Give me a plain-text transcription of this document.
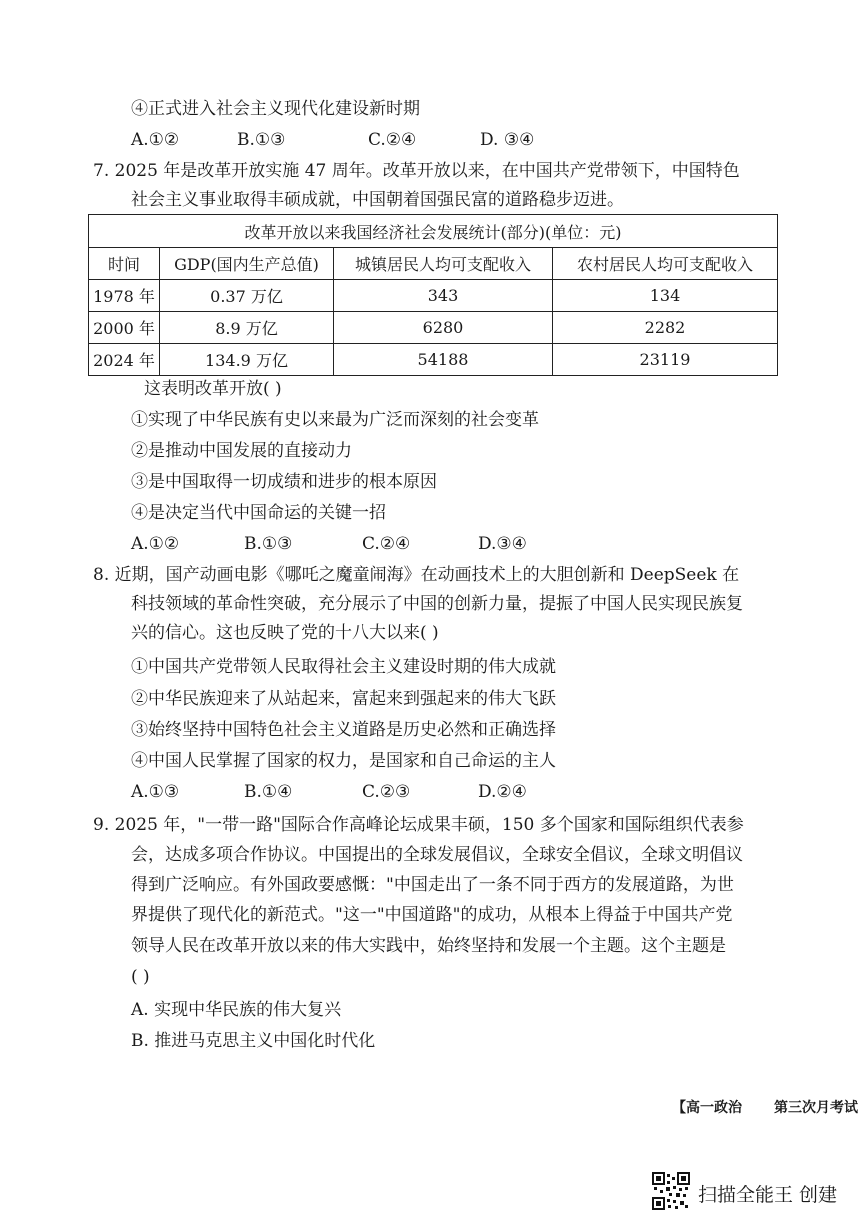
④正式进入社会主义现代化建设新时期
A.①②	B.①③	C.②④	D. ③④
7. 2025 年是改革开放实施 47 周年。改革开放以来，在中国共产党带领下，中国特色
社会主义事业取得丰硕成就，中国朝着国强民富的道路稳步迈进。
改革开放以来我国经济社会发展统计(部分)(单位：元)			
时间	GDP(国内生产总值)	城镇居民人均可支配收入	农村居民人均可支配收入
1978 年	0.37 万亿	343	134
2000 年	8.9 万亿	6280	2282
2024 年	134.9 万亿	54188	23119
这表明改革开放( )
①实现了中华民族有史以来最为广泛而深刻的社会变革
②是推动中国发展的直接动力
③是中国取得一切成绩和进步的根本原因
④是决定当代中国命运的关键一招
A.①②	B.①③	C.②④	D.③④
8. 近期，国产动画电影《哪吒之魔童闹海》在动画技术上的大胆创新和 DeepSeek 在
科技领域的革命性突破，充分展示了中国的创新力量，提振了中国人民实现民族复
兴的信心。这也反映了党的十八大以来( )
①中国共产党带领人民取得社会主义建设时期的伟大成就
②中华民族迎来了从站起来，富起来到强起来的伟大飞跃
③始终坚持中国特色社会主义道路是历史必然和正确选择
④中国人民掌握了国家的权力，是国家和自己命运的主人
A.①③	B.①④	C.②③	D.②④
9. 2025 年，"一带一路"国际合作高峰论坛成果丰硕，150 多个国家和国际组织代表参
会，达成多项合作协议。中国提出的全球发展倡议，全球安全倡议，全球文明倡议
得到广泛响应。有外国政要感慨："中国走出了一条不同于西方的发展道路，为世
界提供了现代化的新范式。"这一"中国道路"的成功，从根本上得益于中国共产党
领导人民在改革开放以来的伟大实践中，始终坚持和发展一个主题。这个主题是
( )
A. 实现中华民族的伟大复兴
B. 推进马克思主义中国化时代化
【高一政治 第三次月考试
扫描全能王 创建
